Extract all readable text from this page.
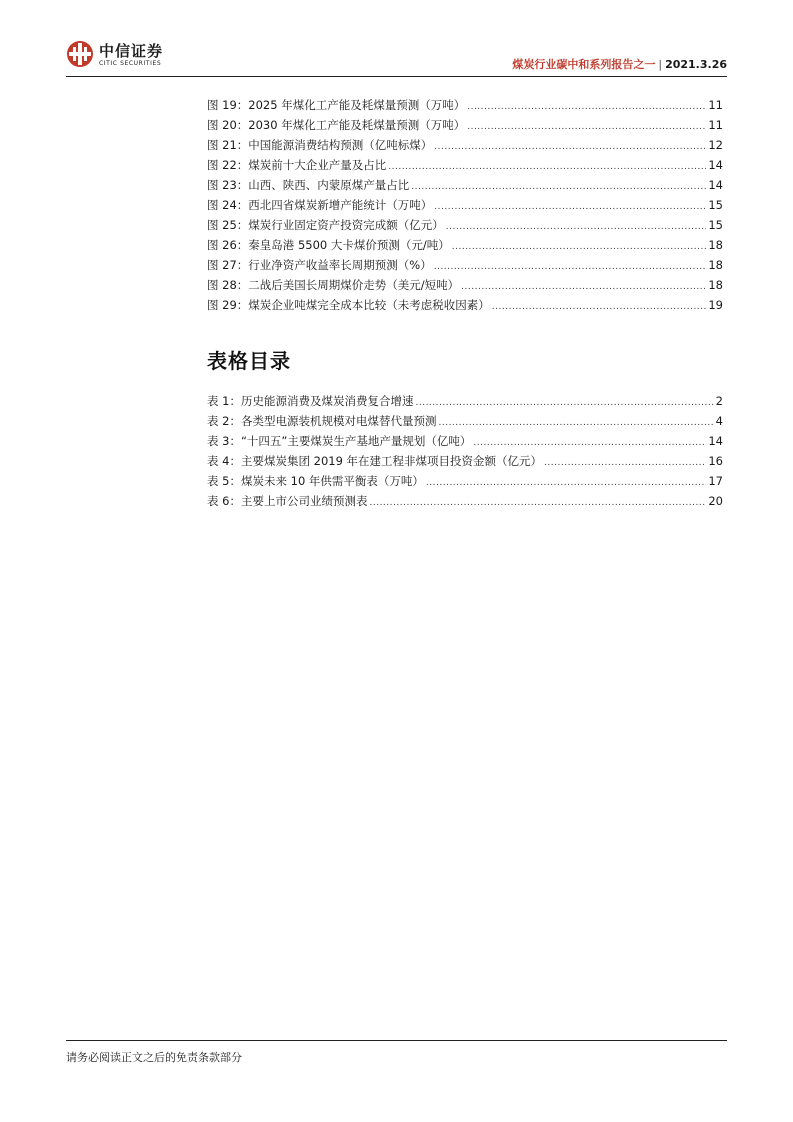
中信证券
CITIC SECURITIES	煤炭行业碳中和系列报告之一 | 2021.3.26
图 19：2025 年煤化工产能及耗煤量预测（万吨） .....	11
图 20：2030 年煤化工产能及耗煤量预测（万吨） .....	11
图 21：中国能源消费结构预测（亿吨标煤） .....	12
图 22：煤炭前十大企业产量及占比 .....	14
图 23：山西、陕西、内蒙原煤产量占比 .....	14
图 24：西北四省煤炭新增产能统计（万吨） .....	15
图 25：煤炭行业固定资产投资完成额（亿元） .....	15
图 26：秦皇岛港 5500 大卡煤价预测（元/吨） .....	18
图 27：行业净资产收益率长周期预测（%） .....	18
图 28：二战后美国长周期煤价走势（美元/短吨） .....	18
图 29：煤炭企业吨煤完全成本比较（未考虑税收因素） .....	19
表格目录
表 1：历史能源消费及煤炭消费复合增速 .....	2
表 2：各类型电源装机规模对电煤替代量预测 .....	4
表 3：“十四五”主要煤炭生产基地产量规划（亿吨） .....	14
表 4：主要煤炭集团 2019 年在建工程非煤项目投资金额（亿元） .....	16
表 5：煤炭未来 10 年供需平衡表（万吨） .....	17
表 6：主要上市公司业绩预测表 .....	20
请务必阅读正文之后的免责条款部分
